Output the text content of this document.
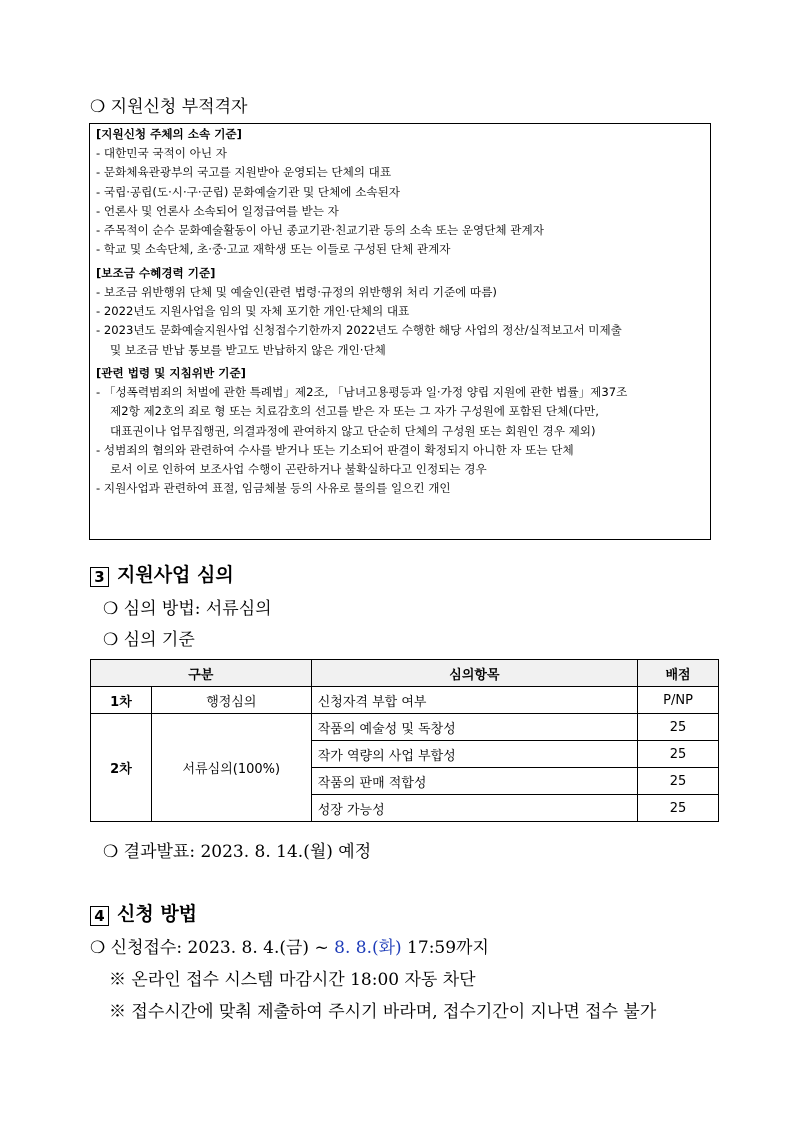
❍ 지원신청 부적격자
[지원신청 주체의 소속 기준]
- 대한민국 국적이 아닌 자
- 문화체육관광부의 국고를 지원받아 운영되는 단체의 대표
- 국립·공립(도·시·구·군립) 문화예술기관 및 단체에 소속된자
- 언론사 및 언론사 소속되어 일정급여를 받는 자
- 주목적이 순수 문화예술활동이 아닌 종교기관·친교기관 등의 소속 또는 운영단체 관계자
- 학교 및 소속단체, 초·중·고교 재학생 또는 이들로 구성된 단체 관계자
[보조금 수혜경력 기준]
- 보조금 위반행위 단체 및 예술인(관련 법령·규정의 위반행위 처리 기준에 따름)
- 2022년도 지원사업을 임의 및 자체 포기한 개인·단체의 대표
- 2023년도 문화예술지원사업 신청접수기한까지 2022년도 수행한 해당 사업의 정산/실적보고서 미제출
및 보조금 반납 통보를 받고도 반납하지 않은 개인·단체
[관련 법령 및 지침위반 기준]
- 「성폭력범죄의 처벌에 관한 특례법」제2조, 「남녀고용평등과 일·가정 양립 지원에 관한 법률」제37조
제2항 제2호의 죄로 형 또는 치료감호의 선고를 받은 자 또는 그 자가 구성원에 포함된 단체(다만,
대표권이나 업무집행권, 의결과정에 관여하지 않고 단순히 단체의 구성원 또는 회원인 경우 제외)
- 성범죄의 혐의와 관련하여 수사를 받거나 또는 기소되어 판결이 확정되지 아니한 자 또는 단체
로서 이로 인하여 보조사업 수행이 곤란하거나 불확실하다고 인정되는 경우
- 지원사업과 관련하여 표절, 임금체불 등의 사유로 물의를 일으킨 개인
3 지원사업 심의
❍ 심의 방법: 서류심의
❍ 심의 기준
구분		심의항목	배점
1차	행정심의	신청자격 부합 여부	P/NP
2차	서류심의(100%)	작품의 예술성 및 독창성	25
		작가 역량의 사업 부합성	25
		작품의 판매 적합성	25
		성장 가능성	25
❍ 결과발표: 2023. 8. 14.(월) 예정
4 신청 방법
❍ 신청접수: 2023. 8. 4.(금) ~ 8. 8.(화) 17:59까지
※ 온라인 접수 시스템 마감시간 18:00 자동 차단
※ 접수시간에 맞춰 제출하여 주시기 바라며, 접수기간이 지나면 접수 불가
